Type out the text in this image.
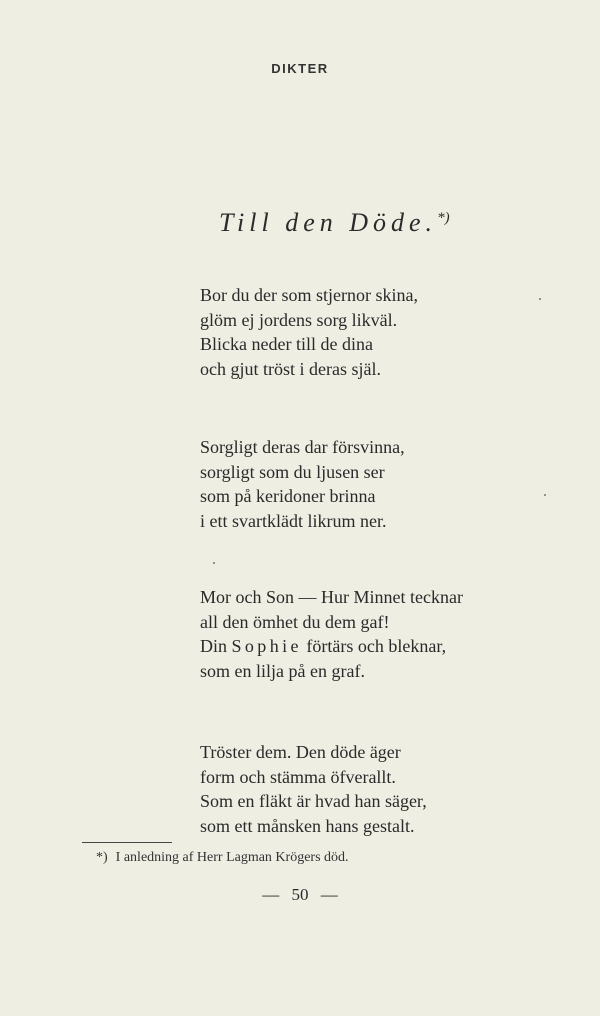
DIKTER
Till den Döde.*)
Bor du der som stjernor skina,
glöm ej jordens sorg likväl.
Blicka neder till de dina
och gjut tröst i deras själ.
Sorgligt deras dar försvinna,
sorgligt som du ljusen ser
som på keridoner brinna
i ett svartklädt likrum ner.
Mor och Son — Hur Minnet tecknar
all den ömhet du dem gaf!
Din Sophie förtärs och bleknar,
som en lilja på en graf.
Tröster dem. Den döde äger
form och stämma öfverallt.
Som en fläkt är hvad han säger,
som ett månsken hans gestalt.
*) I anledning af Herr Lagman Krögers död.
— 50 —
